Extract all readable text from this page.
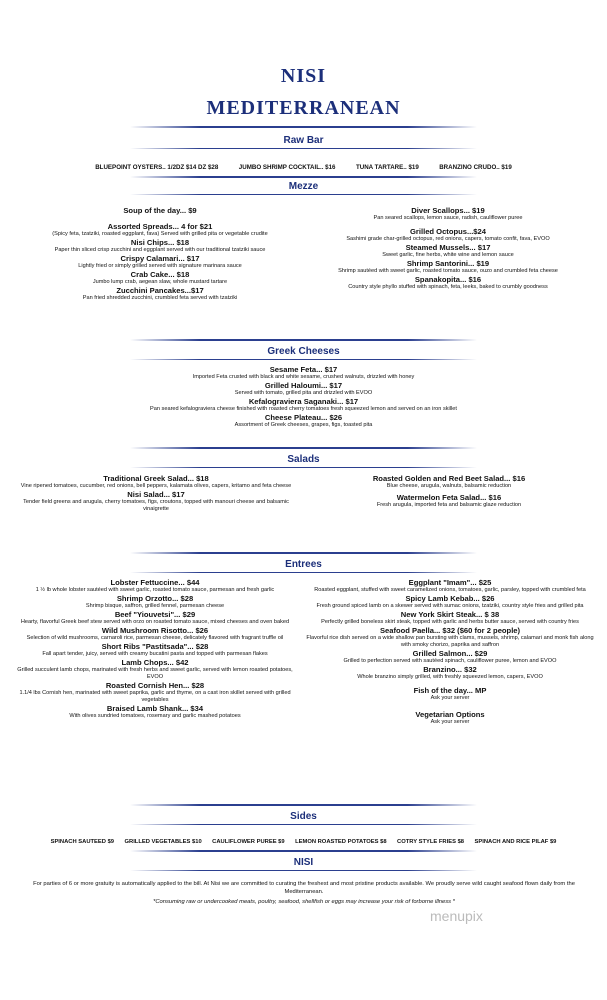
NISI
MEDITERRANEAN
Raw Bar
BLUEPOINT OYSTERS.. 1/2DZ $14 DZ $28	JUMBO SHRIMP COCKTAIL.. $16	TUNA TARTARE.. $19	BRANZINO CRUDO.. $19
Mezze
Soup of the day... $9
Assorted Spreads... 4 for $21
(Spicy feta, tzatziki, roasted eggplant, fava) Served with grilled pita or vegetable crudite
Nisi Chips... $18
Paper thin sliced crisp zucchini and eggplant served with our traditional tzatziki sauce
Crispy Calamari... $17
Lightly fried or simply grilled served with signature marinara sauce
Crab Cake... $18
Jumbo lump crab, aegean slaw, whole mustard tartare
Zucchini Pancakes...$17
Pan fried shredded zucchini, crumbled feta served with tzatziki
Diver Scallops... $19
Pan seared scallops, lemon sauce, radish, cauliflower puree
Grilled Octopus...$24
Sashimi grade char-grilled octopus, red onions, capers, tomato confit, fava, EVOO
Steamed Mussels... $17
Sweet garlic, fine herbs, white wine and lemon sauce
Shrimp Santorini... $19
Shrimp sautéed with sweet garlic, roasted tomato sauce, ouzo and crumbled feta cheese
Spanakopita... $16
Country style phyllo stuffed with spinach, feta, leeks, baked to crumbly goodness
Greek Cheeses
Sesame Feta... $17
Imported Feta crusted with black and white sesame, crushed walnuts, drizzled with honey
Grilled Haloumi... $17
Served with tomato, grilled pita and drizzled with EVOO
Kefalograviera Saganaki... $17
Pan seared kefalograviera cheese finished with roasted cherry tomatoes fresh squeezed lemon and served on an iron skillet
Cheese Plateau... $26
Assortment of Greek cheeses, grapes, figs, toasted pita
Salads
Traditional Greek Salad... $18
Vine ripened tomatoes, cucumber, red onions, bell peppers, kalamata olives, capers, kritamo and feta cheese
Nisi Salad... $17
Tender field greens and arugula, cherry tomatoes, figs, croutons, topped with manouri cheese and balsamic vinaigrette
Roasted Golden and Red Beet Salad... $16
Blue cheese, arugula, walnuts, balsamic reduction
Watermelon Feta Salad... $16
Fresh arugula, imported feta and balsamic glaze reduction
Entrees
Lobster Fettuccine... $44
1 ½ lb whole lobster sautéed with sweet garlic, roasted tomato sauce, parmesan and fresh garlic
Shrimp Orzotto... $28
Shrimp bisque, saffron, grilled fennel, parmesan cheese
Beef "Yiouvetsi"... $29
Hearty, flavorful Greek beef stew served with orzo on roasted tomato sauce, mixed cheeses and oven baked
Wild Mushroom Risotto... $26
Selection of wild mushrooms, carnaroli rice, parmesan cheese, delicately flavored with fragrant truffle oil
Short Ribs "Pastitsada"... $28
Fall apart tender, juicy, served with creamy bucatini pasta and topped with parmesan flakes
Lamb Chops... $42
Grilled succulent lamb chops, marinated with fresh herbs and sweet garlic, served with lemon roasted potatoes, EVOO
Roasted Cornish Hen... $28
1.1/4 lbs Cornish hen, marinated with sweet paprika, garlic and thyme, on a cast iron skillet served with grilled vegetables
Braised Lamb Shank... $34
With olives sundried tomatoes, rosemary and garlic mashed potatoes
Eggplant "Imam"... $25
Roasted eggplant, stuffed with sweet caramelized onions, tomatoes, garlic, parsley, topped with crumbled feta
Spicy Lamb Kebab... $26
Fresh ground spiced lamb on a skewer served with sumac onions, tzatziki, country style fries and grilled pita
New York Skirt Steak... $ 38
Perfectly grilled boneless skirt steak, topped with garlic and herbs butter sauce, served with country fries
Seafood Paella... $32 ($60 for 2 people)
Flavorful rice dish served on a wide shallow pan bursting with clams, mussels, shrimp, calamari and monk fish along with smoky chorizo, paprika and saffron
Grilled Salmon... $29
Grilled to perfection served with sautéed spinach, cauliflower puree, lemon and EVOO
Branzino... $32
Whole branzino simply grilled, with freshly squeezed lemon, capers, EVOO
Fish of the day... MP
Ask your server
Vegetarian Options
Ask your server
Sides
SPINACH SAUTEED $9 GRILLED VEGETABLES $10 CAULIFLOWER PUREE $9 LEMON ROASTED POTATOES $8 COTRY STYLE FRIES $8 SPINACH AND RICE PILAF $9
NISI
For parties of 6 or more gratuity is automatically applied to the bill. At Nisi we are committed to curating the freshest and most pristine products available. We proudly serve wild caught seafood flown daily from the Mediterranean.
*Consuming raw or undercooked meats, poultry, seafood, shellfish or eggs may increase your risk of forborne illness *
menupix
